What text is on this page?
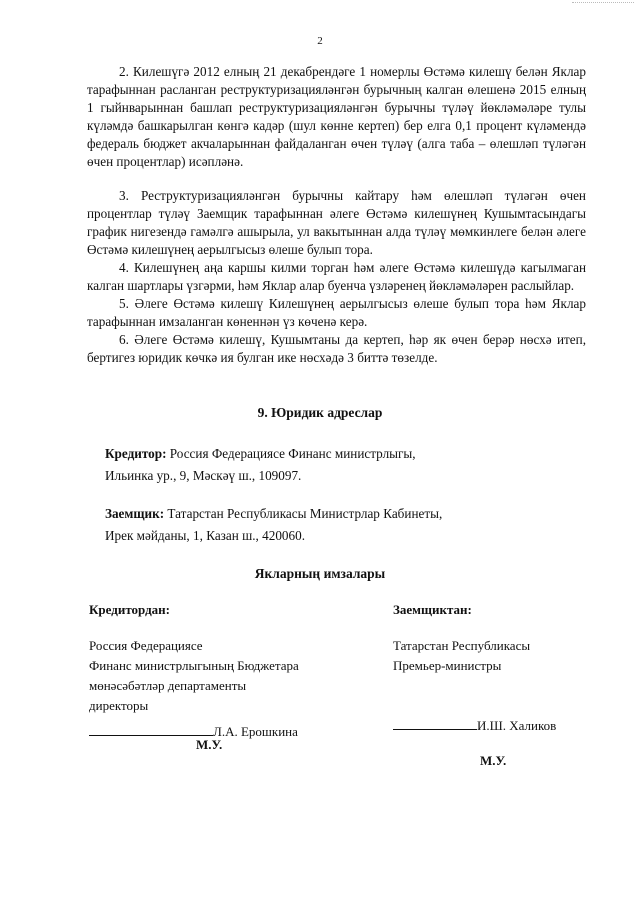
2

2. Килешүгә 2012 елның 21 декабрендәге 1 номерлы Өстәмә килешү белән Яклар тарафыннан расланган реструктуризацияләнгән бурычның калган өлешенә 2015 елның 1 гыйнварыннан башлап реструктуризацияләнгән бурычны түләү йөкләмәләре тулы күләмдә башкарылган көнгә кадәр (шул көнне кертеп) бер елга 0,1 процент күләмендә федераль бюджет акчаларыннан файдаланган өчен түләү (алга таба – өлешләп түләгән өчен процентлар) исәпләнә.

3. Реструктуризацияләнгән бурычны кайтару һәм өлешләп түләгән өчен процентлар түләү Заемщик тарафыннан әлеге Өстәмә килешүнең Кушымтасындагы график нигезендә гамәлгә ашырыла, ул вакытыннан алда түләү мөмкинлеге белән әлеге Өстәмә килешүнең аерылгысыз өлеше булып тора.

4. Килешүнең аңа каршы килми торган һәм әлеге Өстәмә килешүдә кагылмаган калган шартлары үзгәрми, һәм Яклар алар буенча үзләренең йөкләмәләрен раслыйлар.

5. Әлеге Өстәмә килешү Килешүнең аерылгысыз өлеше булып тора һәм Яклар тарафыннан имзаланган көненнән үз көченә керә.

6. Әлеге Өстәмә килешү, Кушымтаны да кертеп, һәр як өчен берәр нөсхә итеп, бертигез юридик көчкә ия булган ике нөсхәдә 3 биттә төзелде.

9. Юридик адреслар
Кредитор: Россия Федерациясе Финанс министрлыгы,
Ильинка ур., 9, Мәскәү ш., 109097.
Заемщик: Татарстан Республикасы Министрлар Кабинеты,
Ирек мәйданы, 1, Казан ш., 420060.
Якларның имзалары
Кредитордан:
Россия Федерациясе
Финанс министрлыгының Бюджетара
мөнәсәбәтләр департаменты
директоры
Л.А. Ерошкина
М.У.
Заемщиктан:
Татарстан Республикасы
Премьер-министры
И.Ш. Халиков
М.У.
